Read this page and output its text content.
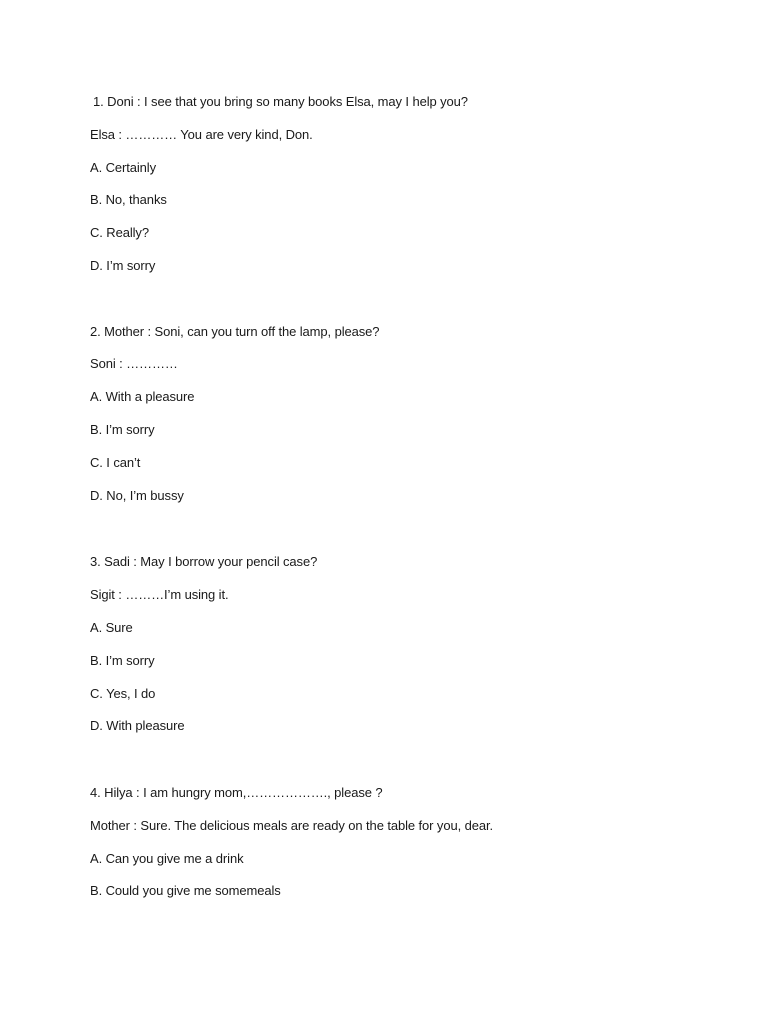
1. Doni : I see that you bring so many books Elsa, may I help you?
Elsa : ………… You are very kind, Don.
A. Certainly
B. No, thanks
C. Really?
D. I’m sorry
2. Mother : Soni, can you turn off the lamp, please?
Soni : …………
A. With a pleasure
B. I’m sorry
C. I can’t
D. No, I’m bussy
3. Sadi : May I borrow your pencil case?
Sigit : ………I’m using it.
A. Sure
B. I’m sorry
C. Yes, I do
D. With pleasure
4. Hilya : I am hungry mom,………………., please ?
Mother : Sure. The delicious meals are ready on the table for you, dear.
A. Can you give me a drink
B. Could you give me somemeals
